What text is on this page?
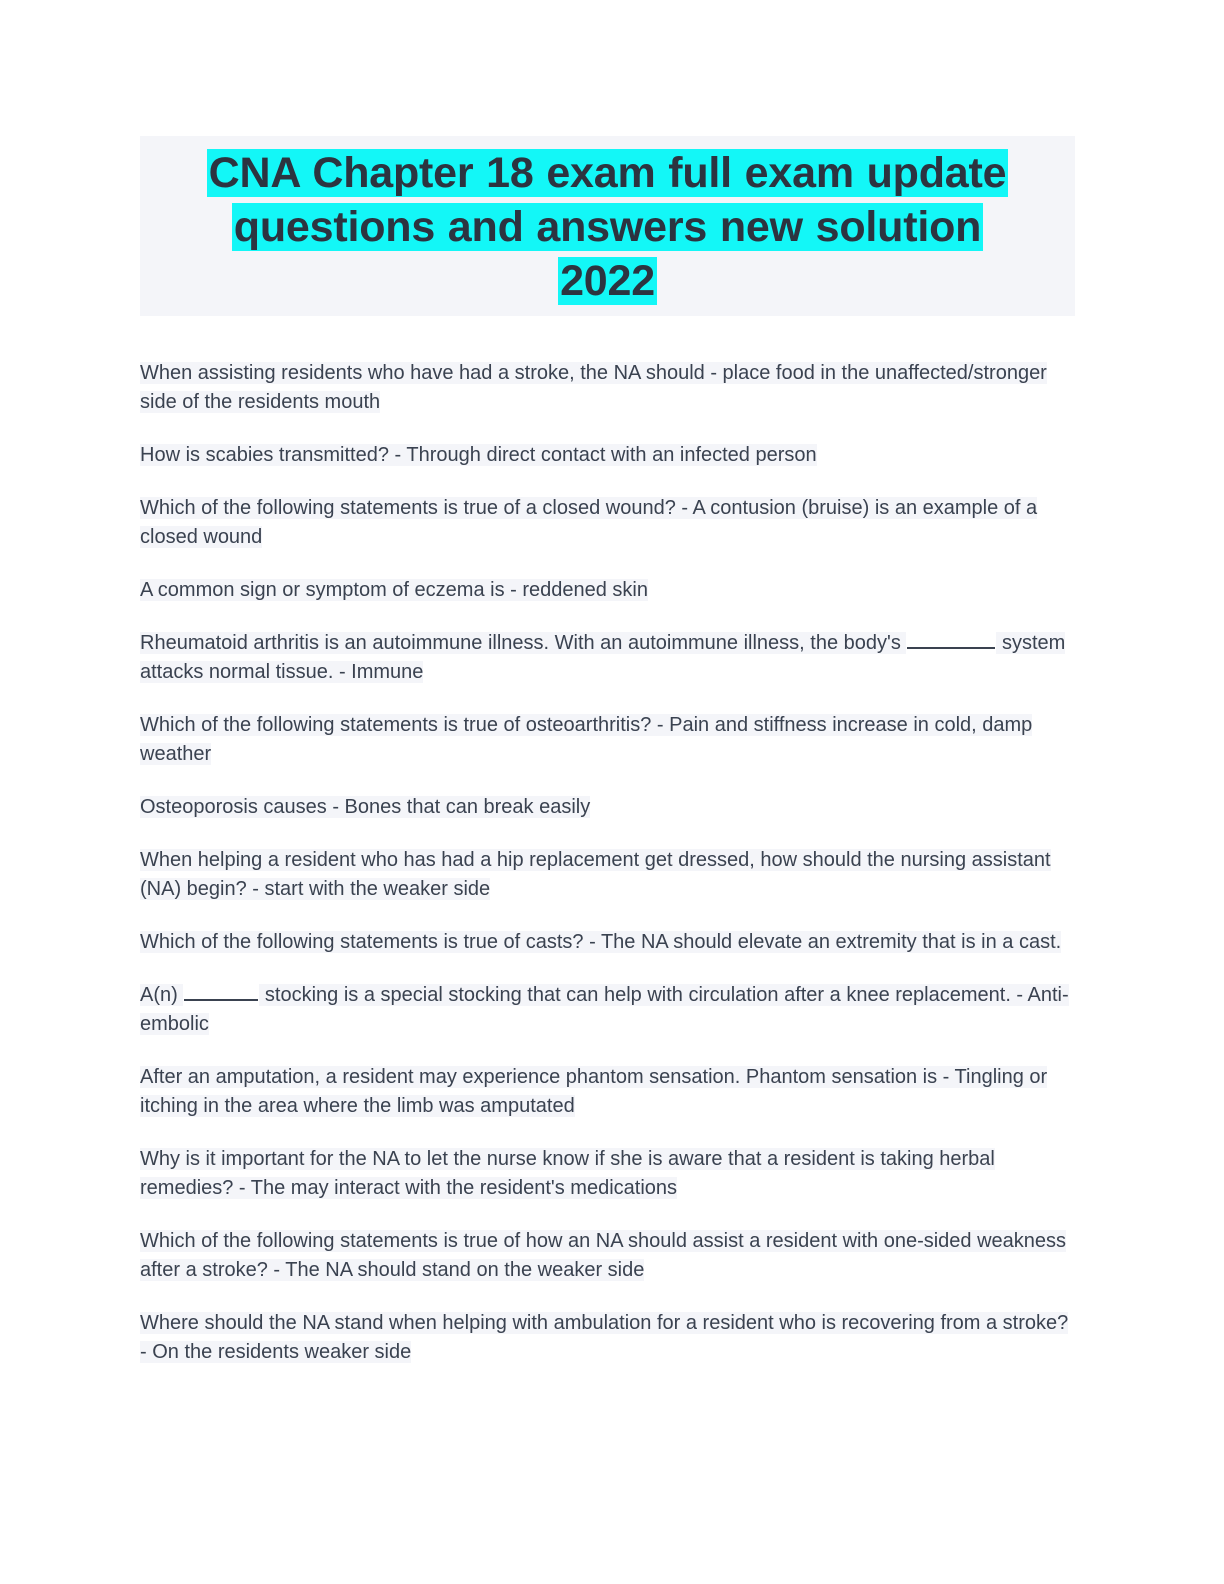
CNA Chapter 18 exam full exam update
questions and answers new solution
2022

When assisting residents who have had a stroke, the NA should - place food in the unaffected/stronger side of the residents mouth

How is scabies transmitted? - Through direct contact with an infected person

Which of the following statements is true of a closed wound? - A contusion (bruise) is an example of a closed wound

A common sign or symptom of eczema is - reddened skin

Rheumatoid arthritis is an autoimmune illness. With an autoimmune illness, the body's	system attacks normal tissue. - Immune

Which of the following statements is true of osteoarthritis? - Pain and stiffness increase in cold, damp weather

Osteoporosis causes - Bones that can break easily

When helping a resident who has had a hip replacement get dressed, how should the nursing assistant (NA) begin? - start with the weaker side

Which of the following statements is true of casts? - The NA should elevate an extremity that is in a cast.

A(n)	stocking is a special stocking that can help with circulation after a knee replacement. - Anti-embolic

After an amputation, a resident may experience phantom sensation. Phantom sensation is - Tingling or itching in the area where the limb was amputated

Why is it important for the NA to let the nurse know if she is aware that a resident is taking herbal remedies? - The may interact with the resident's medications

Which of the following statements is true of how an NA should assist a resident with one-sided weakness after a stroke? - The NA should stand on the weaker side

Where should the NA stand when helping with ambulation for a resident who is recovering from a stroke? - On the residents weaker side
